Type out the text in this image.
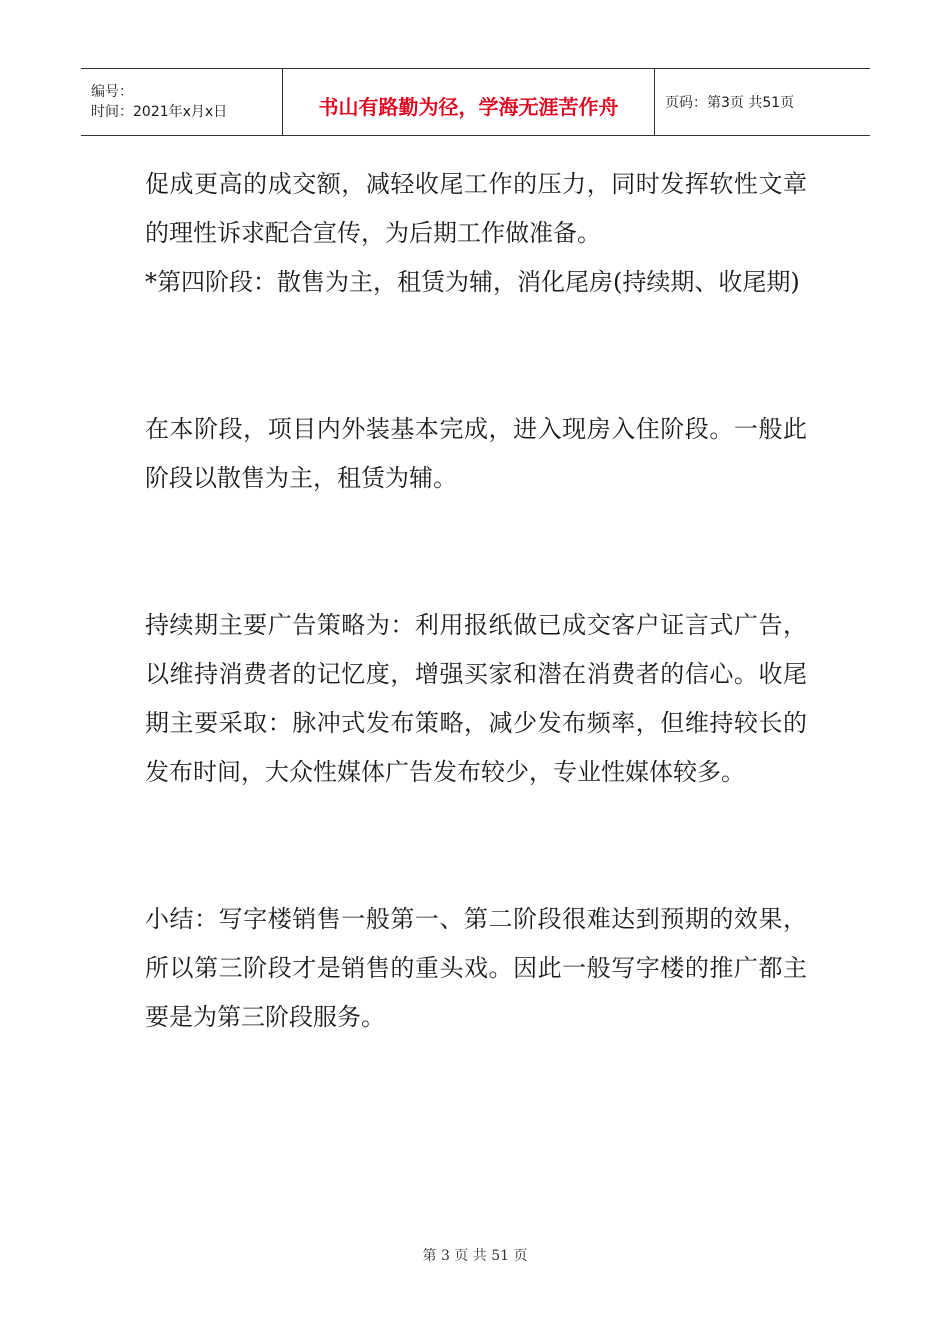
编号：
时间：2021年x月x日	书山有路勤为径，学海无涯苦作舟	页码：第3页 共51页

促成更高的成交额，减轻收尾工作的压力，同时发挥软性文章的理性诉求配合宣传，为后期工作做准备。

*第四阶段：散售为主，租赁为辅，消化尾房(持续期、收尾期)

在本阶段，项目内外装基本完成，进入现房入住阶段。一般此阶段以散售为主，租赁为辅。

持续期主要广告策略为：利用报纸做已成交客户证言式广告，以维持消费者的记忆度，增强买家和潜在消费者的信心。收尾期主要采取：脉冲式发布策略，减少发布频率，但维持较长的发布时间，大众性媒体广告发布较少，专业性媒体较多。

小结：写字楼销售一般第一、第二阶段很难达到预期的效果，所以第三阶段才是销售的重头戏。因此一般写字楼的推广都主要是为第三阶段服务。

第 3 页 共 51 页
